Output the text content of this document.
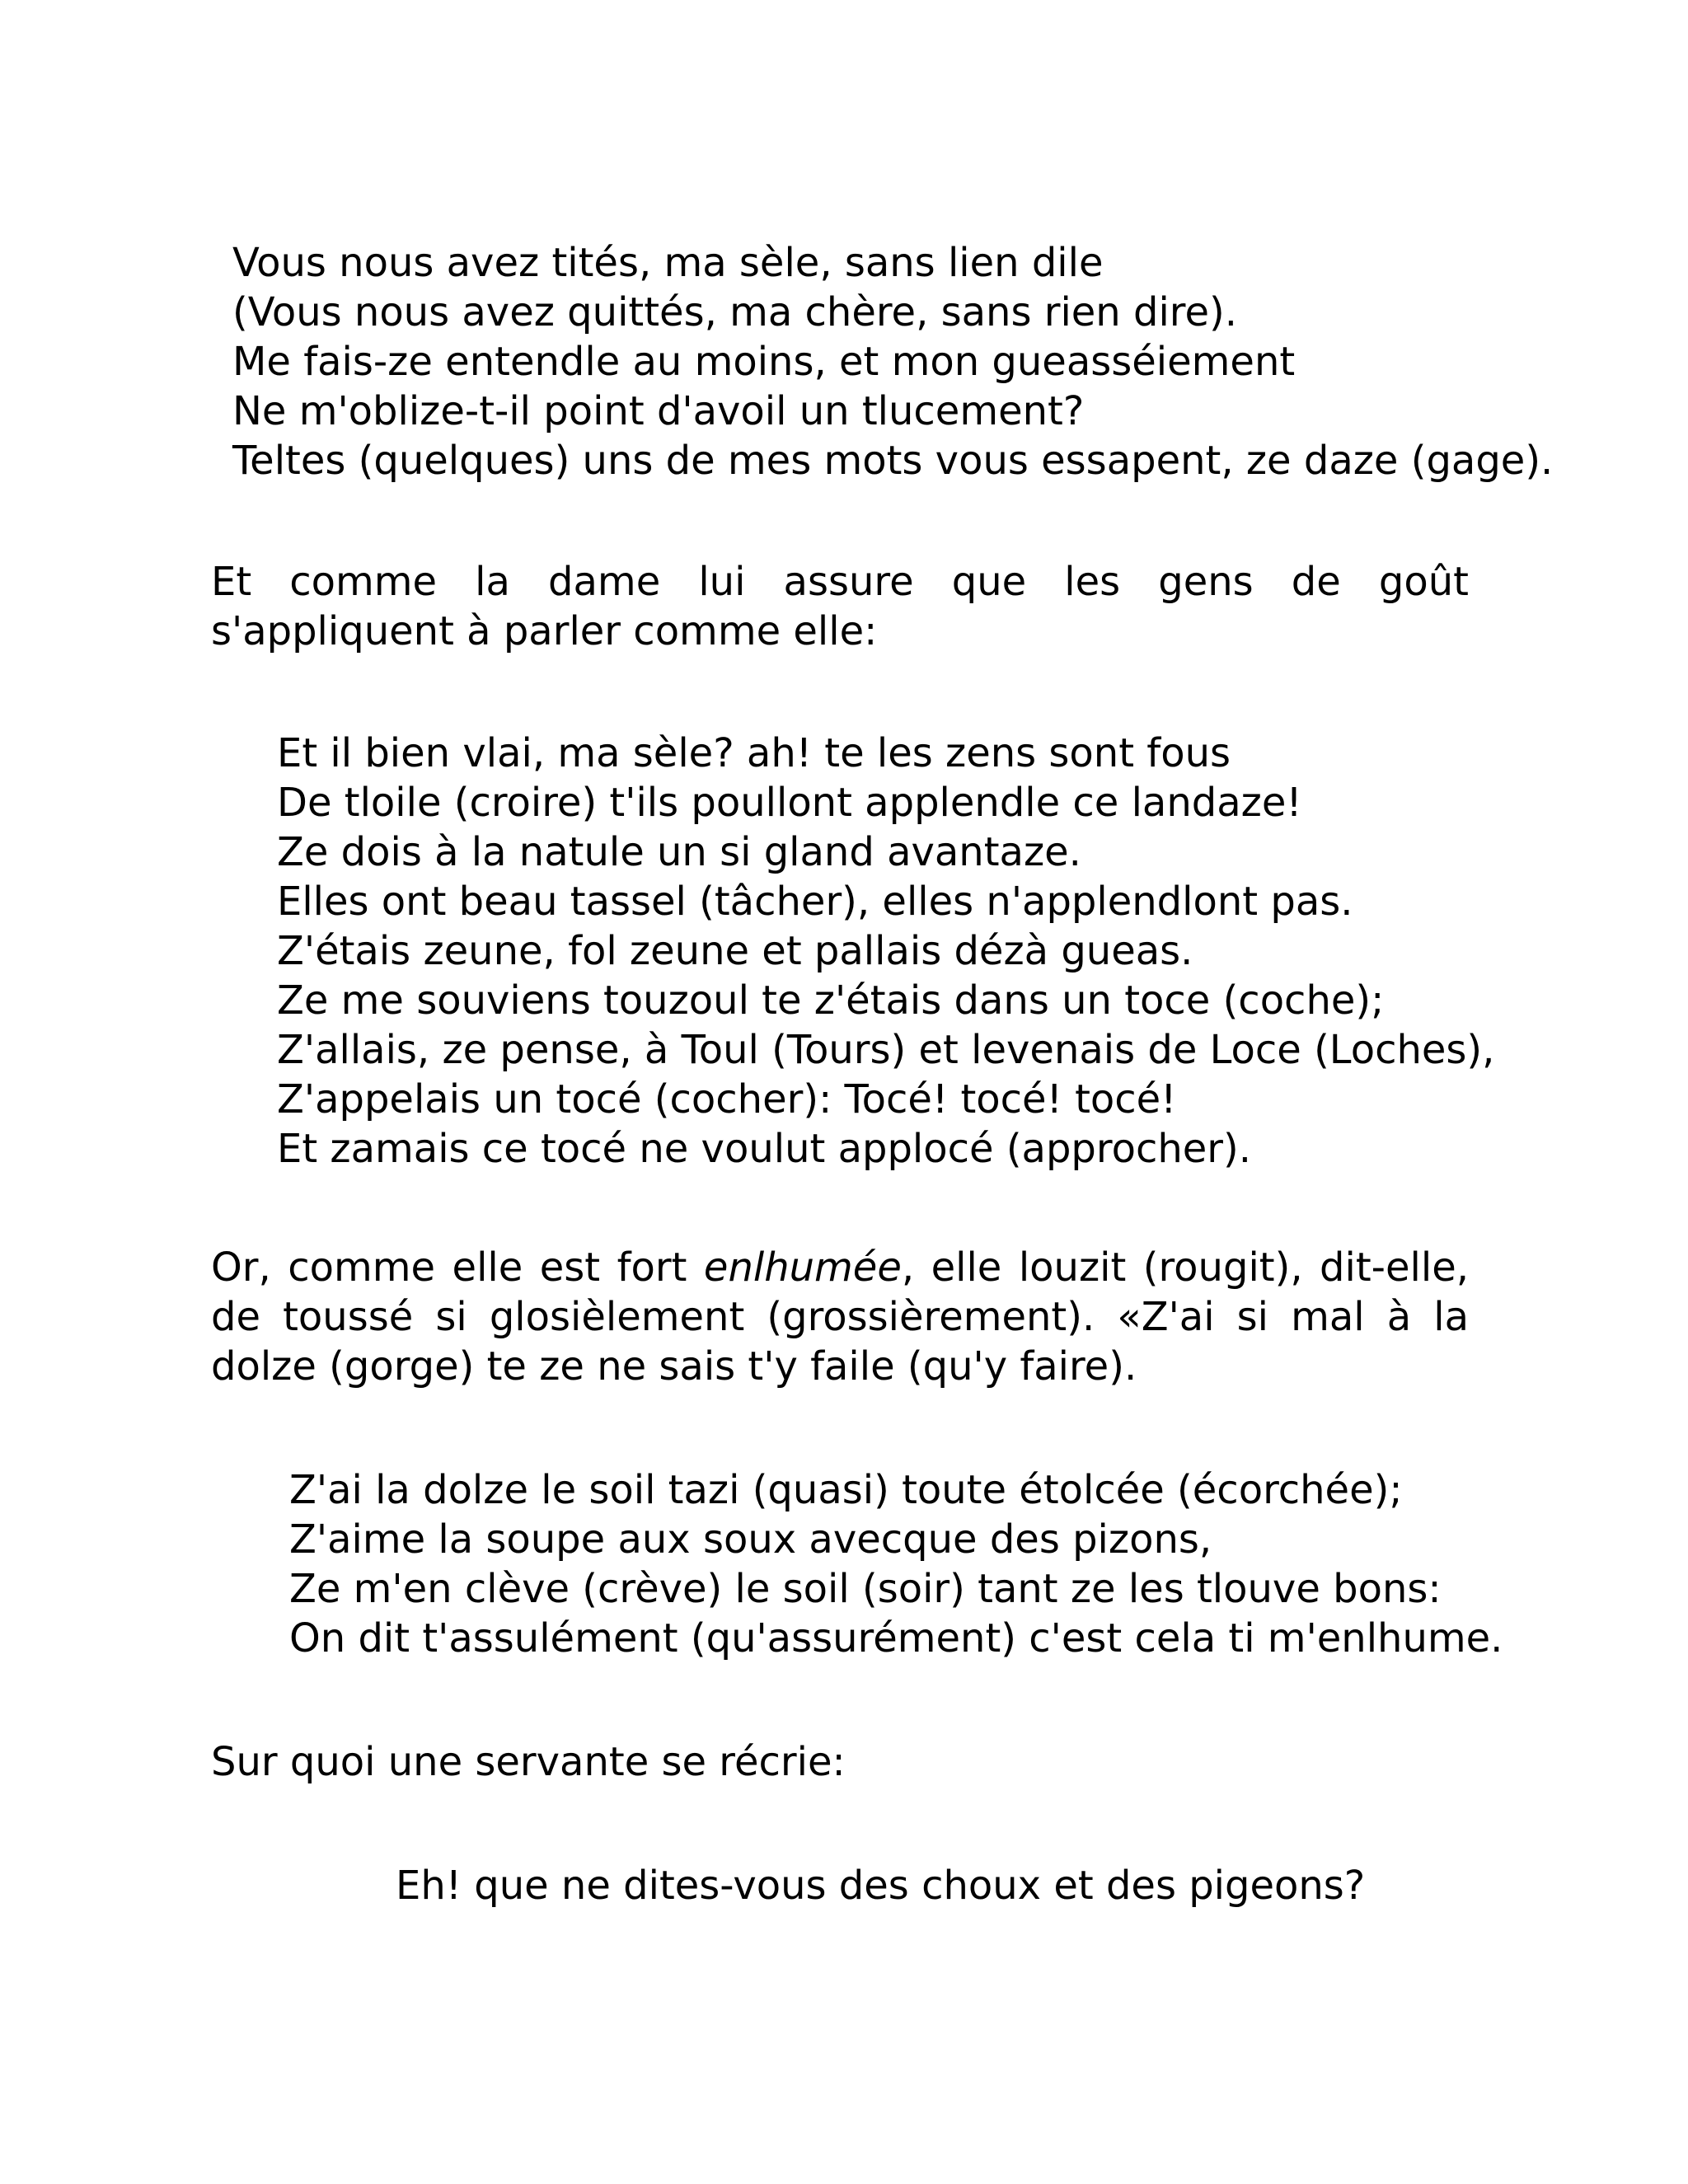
Vous nous avez tités, ma sèle, sans lien dile
(Vous nous avez quittés, ma chère, sans rien dire).
Me fais-ze entendle au moins, et mon gueasséiement
Ne m'oblize-t-il point d'avoil un tlucement?
Teltes (quelques) uns de mes mots vous essapent, ze daze (gage).

Et comme la dame lui assure que les gens de goût s'appliquent à parler comme elle:

Et il bien vlai, ma sèle? ah! te les zens sont fous
De tloile (croire) t'ils poullont applendle ce landaze!
Ze dois à la natule un si gland avantaze.
Elles ont beau tassel (tâcher), elles n'applendlont pas.
Z'étais zeune, fol zeune et pallais dézà gueas.
Ze me souviens touzoul te z'étais dans un toce (coche);
Z'allais, ze pense, à Toul (Tours) et levenais de Loce (Loches),
Z'appelais un tocé (cocher): Tocé! tocé! tocé!
Et zamais ce tocé ne voulut applocé (approcher).

Or, comme elle est fort enlhumée, elle louzit (rougit), dit-elle, de toussé si glosièlement (grossièrement). «Z'ai si mal à la dolze (gorge) te ze ne sais t'y faile (qu'y faire).

Z'ai la dolze le soil tazi (quasi) toute étolcée (écorchée);
Z'aime la soupe aux soux avecque des pizons,
Ze m'en clève (crève) le soil (soir) tant ze les tlouve bons:
On dit t'assulément (qu'assurément) c'est cela ti m'enlhume.

Sur quoi une servante se récrie:

Eh! que ne dites-vous des choux et des pigeons?
